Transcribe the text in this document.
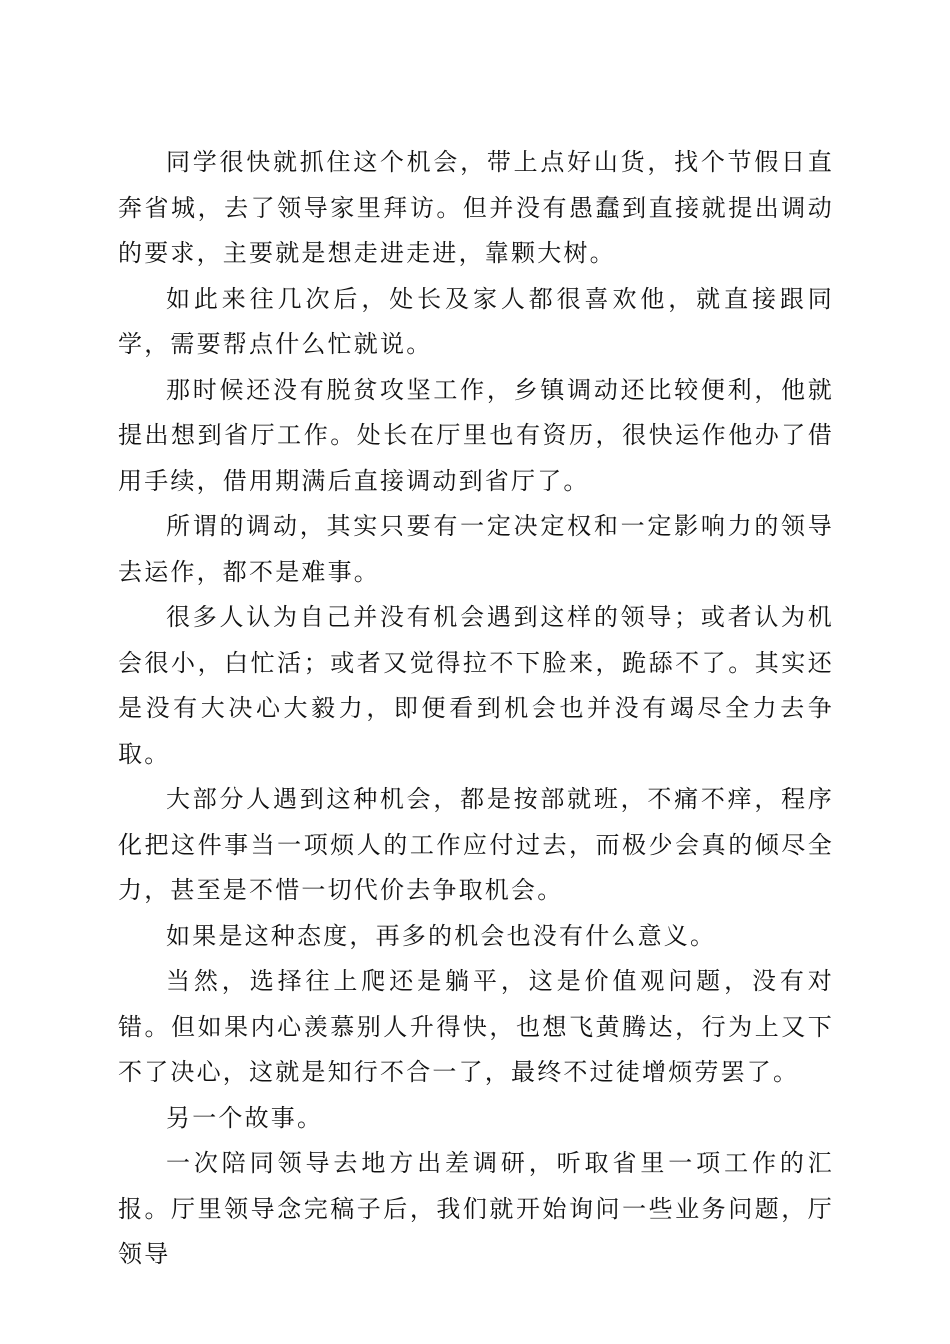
同学很快就抓住这个机会，带上点好山货，找个节假日直奔省城，去了领导家里拜访。但并没有愚蠢到直接就提出调动的要求，主要就是想走进走进，靠颗大树。

如此来往几次后，处长及家人都很喜欢他，就直接跟同学，需要帮点什么忙就说。

那时候还没有脱贫攻坚工作，乡镇调动还比较便利，他就提出想到省厅工作。处长在厅里也有资历，很快运作他办了借用手续，借用期满后直接调动到省厅了。

所谓的调动，其实只要有一定决定权和一定影响力的领导去运作，都不是难事。

很多人认为自己并没有机会遇到这样的领导；或者认为机会很小，白忙活；或者又觉得拉不下脸来，跪舔不了。其实还是没有大决心大毅力，即便看到机会也并没有竭尽全力去争取。

大部分人遇到这种机会，都是按部就班，不痛不痒，程序化把这件事当一项烦人的工作应付过去，而极少会真的倾尽全力，甚至是不惜一切代价去争取机会。

如果是这种态度，再多的机会也没有什么意义。

当然，选择往上爬还是躺平，这是价值观问题，没有对错。但如果内心羡慕别人升得快，也想飞黄腾达，行为上又下不了决心，这就是知行不合一了，最终不过徒增烦劳罢了。

另一个故事。

一次陪同领导去地方出差调研，听取省里一项工作的汇报。厅里领导念完稿子后，我们就开始询问一些业务问题，厅领导
